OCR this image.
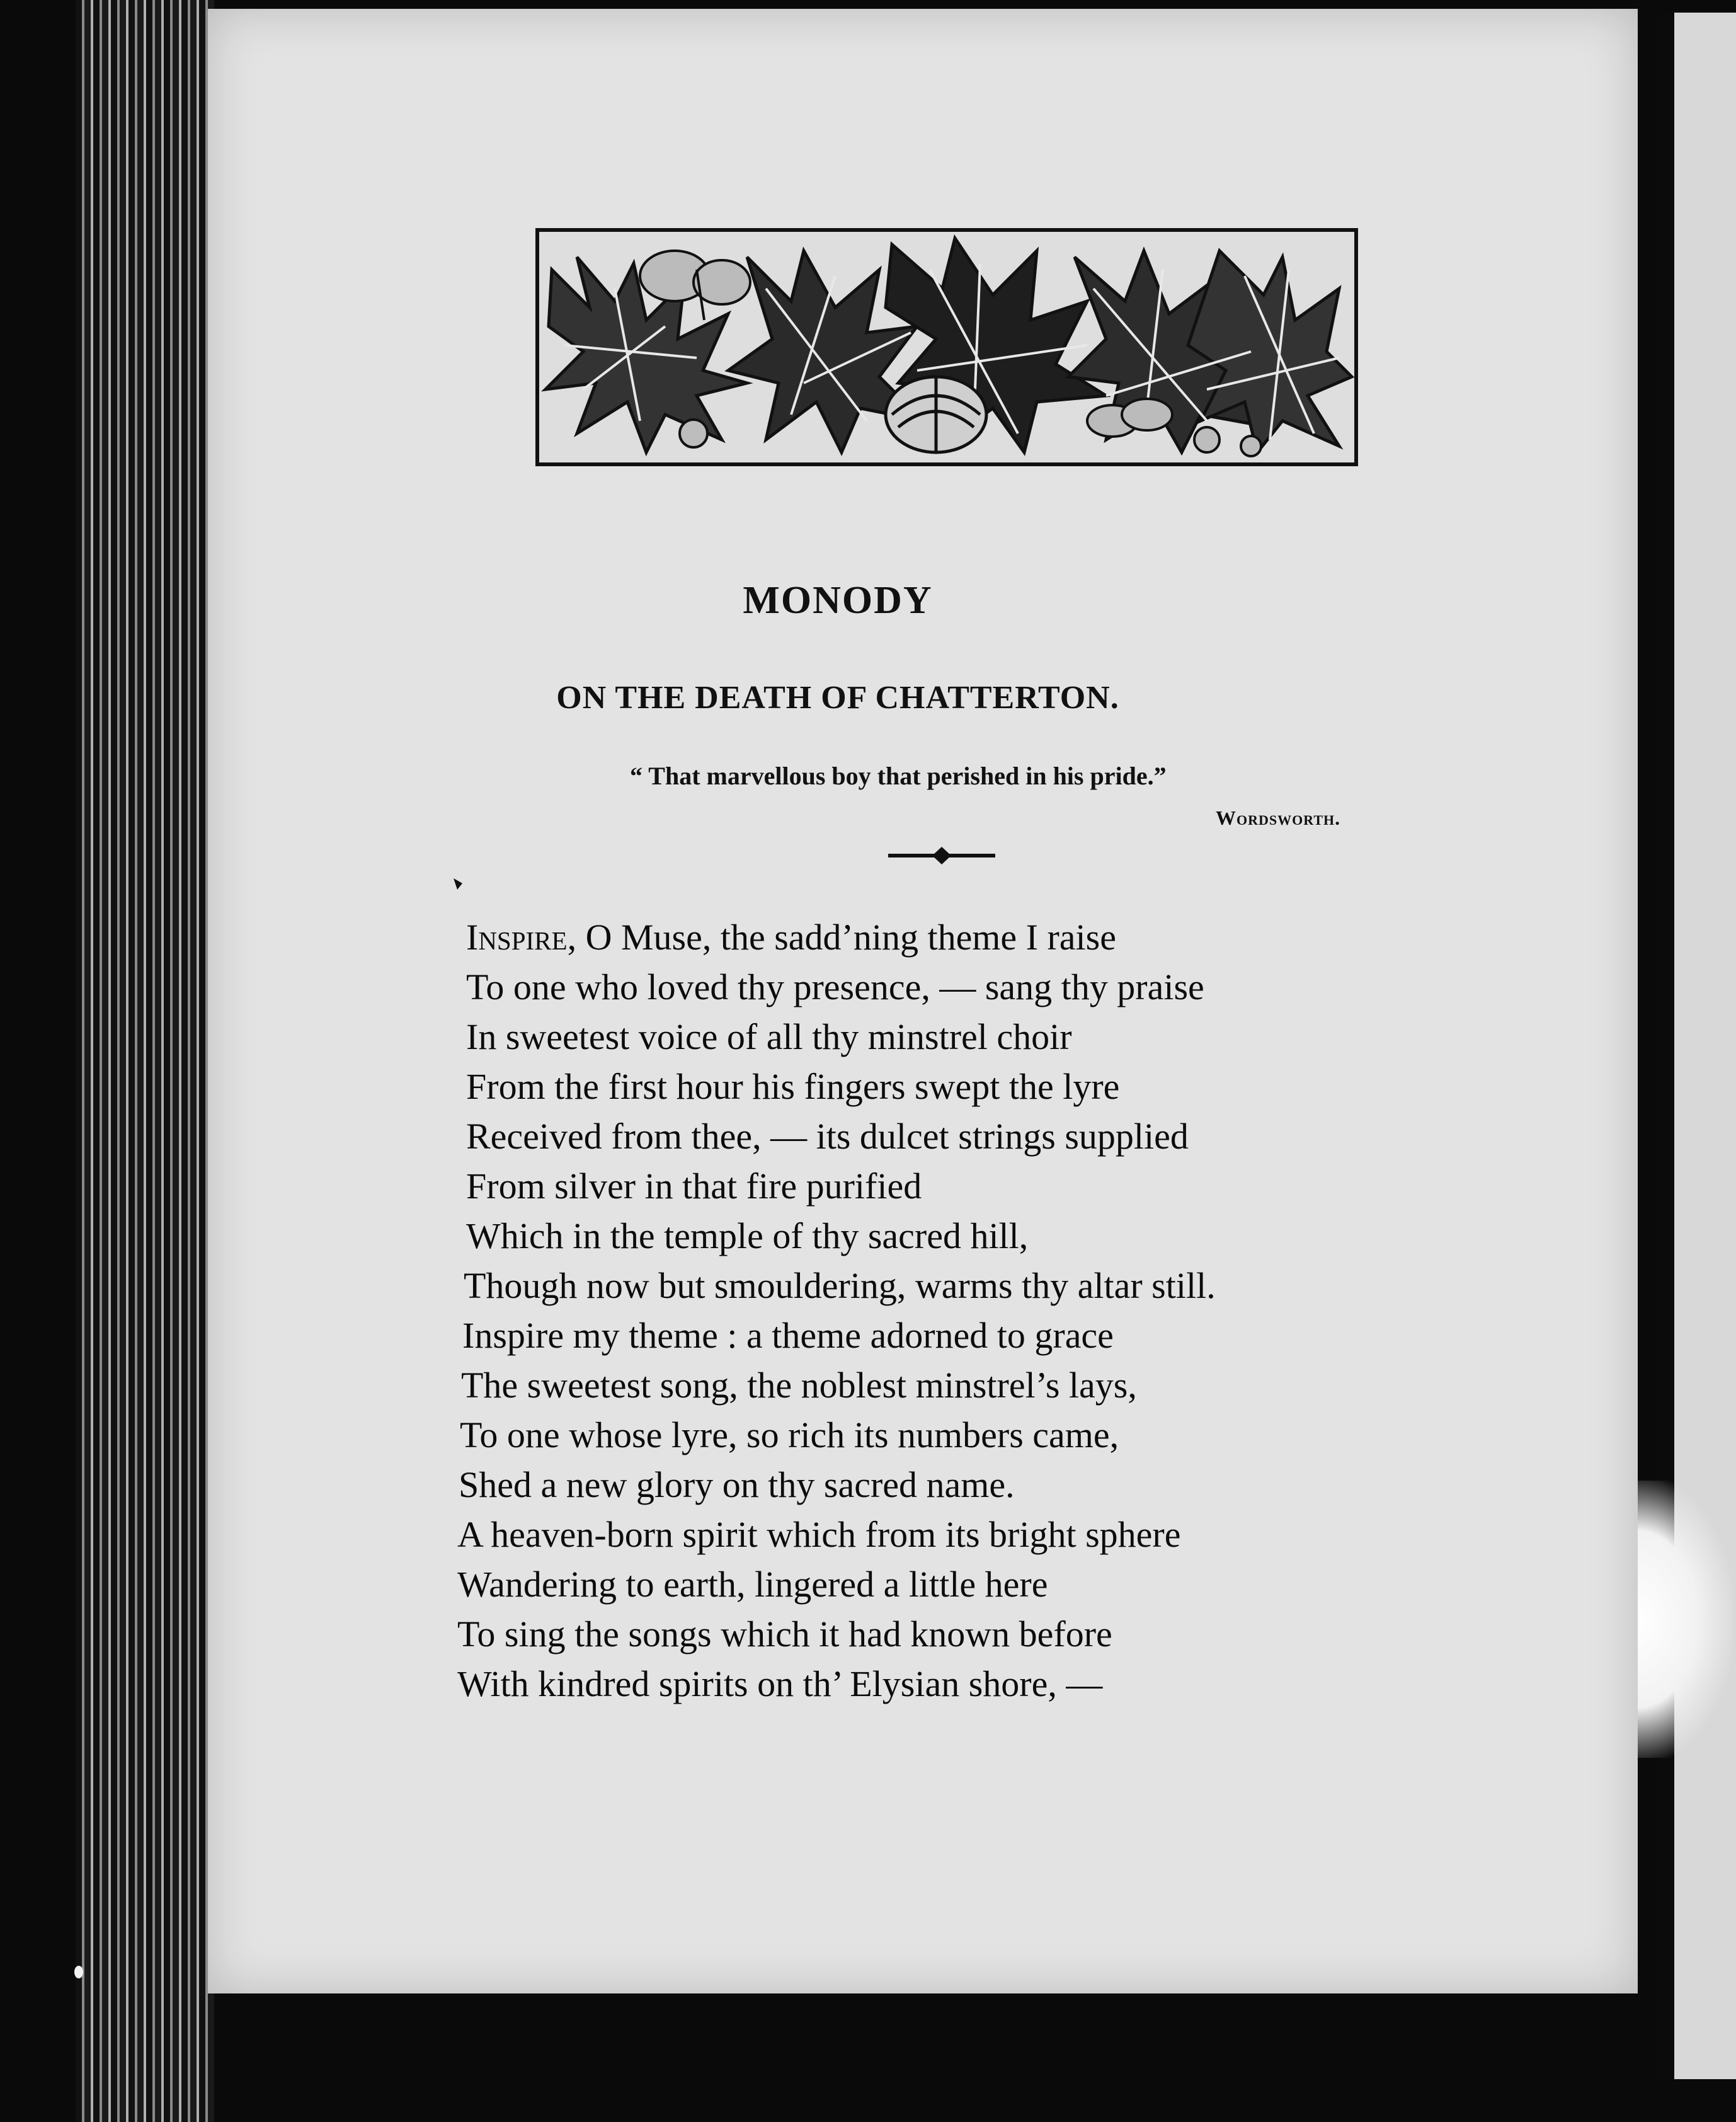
MONODY
ON THE DEATH OF CHATTERTON.
“ That marvellous boy that perished in his pride.”
Wordsworth.
Inspire, O Muse, the sadd’ning theme I raise
To one who loved thy presence, — sang thy praise
In sweetest voice of all thy minstrel choir
From the first hour his fingers swept the lyre
Received from thee, — its dulcet strings supplied
From silver in that fire purified
Which in the temple of thy sacred hill,
Though now but smouldering, warms thy altar still.
Inspire my theme : a theme adorned to grace
The sweetest song, the noblest minstrel’s lays,
To one whose lyre, so rich its numbers came,
Shed a new glory on thy sacred name.
A heaven-born spirit which from its bright sphere
Wandering to earth, lingered a little here
To sing the songs which it had known before
With kindred spirits on th’ Elysian shore, —
